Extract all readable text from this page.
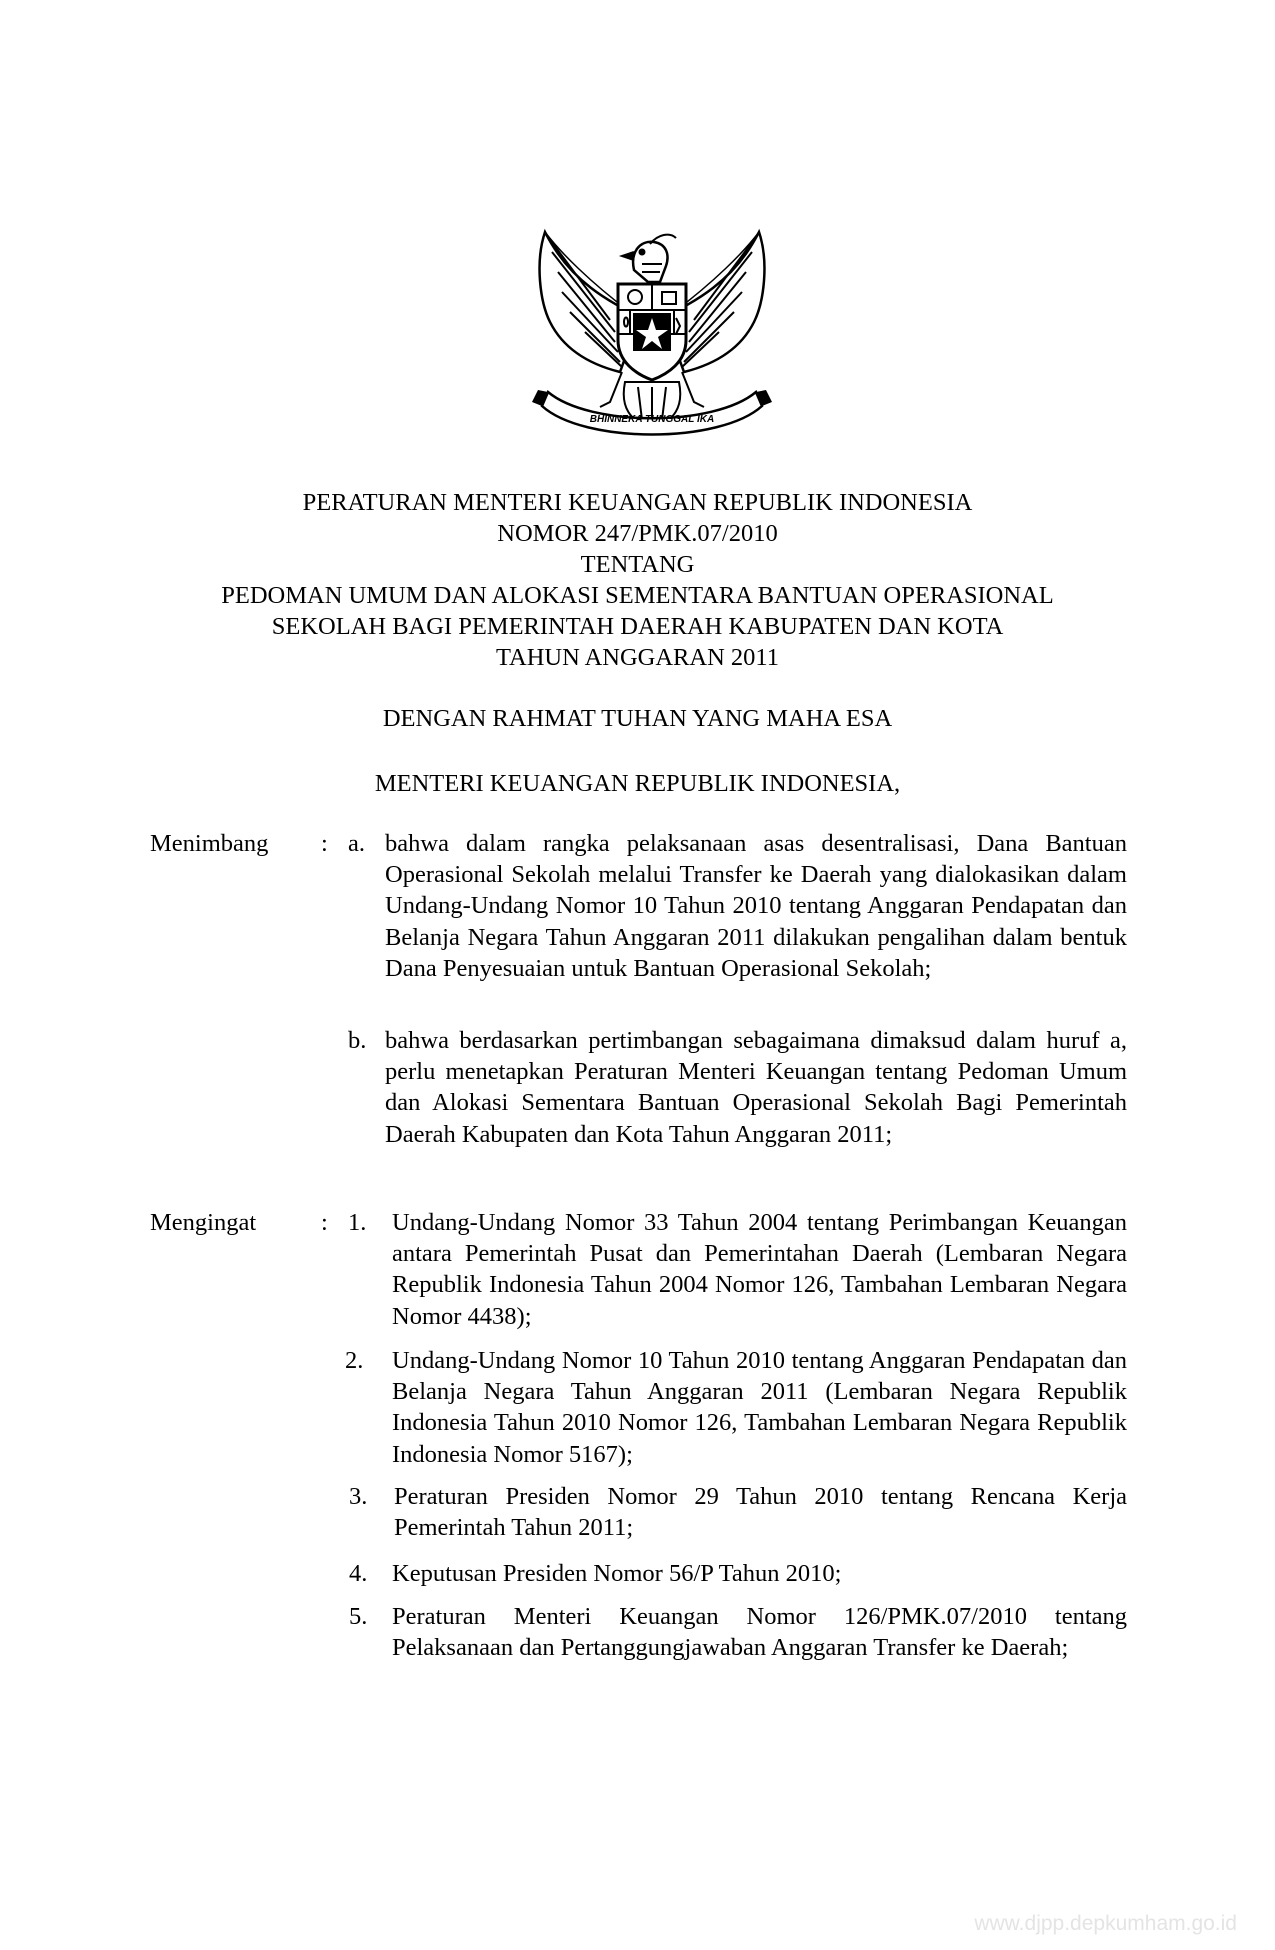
BHINNEKA TUNGGAL IKA
PERATURAN MENTERI KEUANGAN REPUBLIK INDONESIA
NOMOR 247/PMK.07/2010
TENTANG
PEDOMAN UMUM DAN ALOKASI SEMENTARA BANTUAN OPERASIONAL
SEKOLAH BAGI PEMERINTAH DAERAH KABUPATEN DAN KOTA
TAHUN ANGGARAN 2011
DENGAN RAHMAT TUHAN YANG MAHA ESA
MENTERI KEUANGAN REPUBLIK INDONESIA,
Menimbang : a. bahwa dalam rangka pelaksanaan asas desentralisasi, Dana Bantuan Operasional Sekolah melalui Transfer ke Daerah yang dialokasikan dalam Undang-Undang Nomor 10 Tahun 2010 tentang Anggaran Pendapatan dan Belanja Negara Tahun Anggaran 2011 dilakukan pengalihan dalam bentuk Dana Penyesuaian untuk Bantuan Operasional Sekolah;
b. bahwa berdasarkan pertimbangan sebagaimana dimaksud dalam huruf a, perlu menetapkan Peraturan Menteri Keuangan tentang Pedoman Umum dan Alokasi Sementara Bantuan Operasional Sekolah Bagi Pemerintah Daerah Kabupaten dan Kota Tahun Anggaran 2011;
Mengingat	: 1. Undang-Undang Nomor 33 Tahun 2004 tentang Perimbangan Keuangan antara Pemerintah Pusat dan Pemerintahan Daerah (Lembaran Negara Republik Indonesia Tahun 2004 Nomor 126, Tambahan Lembaran Negara Nomor 4438);
2. Undang-Undang Nomor 10 Tahun 2010 tentang Anggaran Pendapatan dan Belanja Negara Tahun Anggaran 2011 (Lembaran Negara Republik Indonesia Tahun 2010 Nomor 126, Tambahan Lembaran Negara Republik Indonesia Nomor 5167);
3. Peraturan Presiden Nomor 29 Tahun 2010 tentang Rencana Kerja Pemerintah Tahun 2011;
4. Keputusan Presiden Nomor 56/P Tahun 2010;
5. Peraturan Menteri Keuangan Nomor 126/PMK.07/2010 tentang Pelaksanaan dan Pertanggungjawaban Anggaran Transfer ke Daerah;
www.djpp.depkumham.go.id
